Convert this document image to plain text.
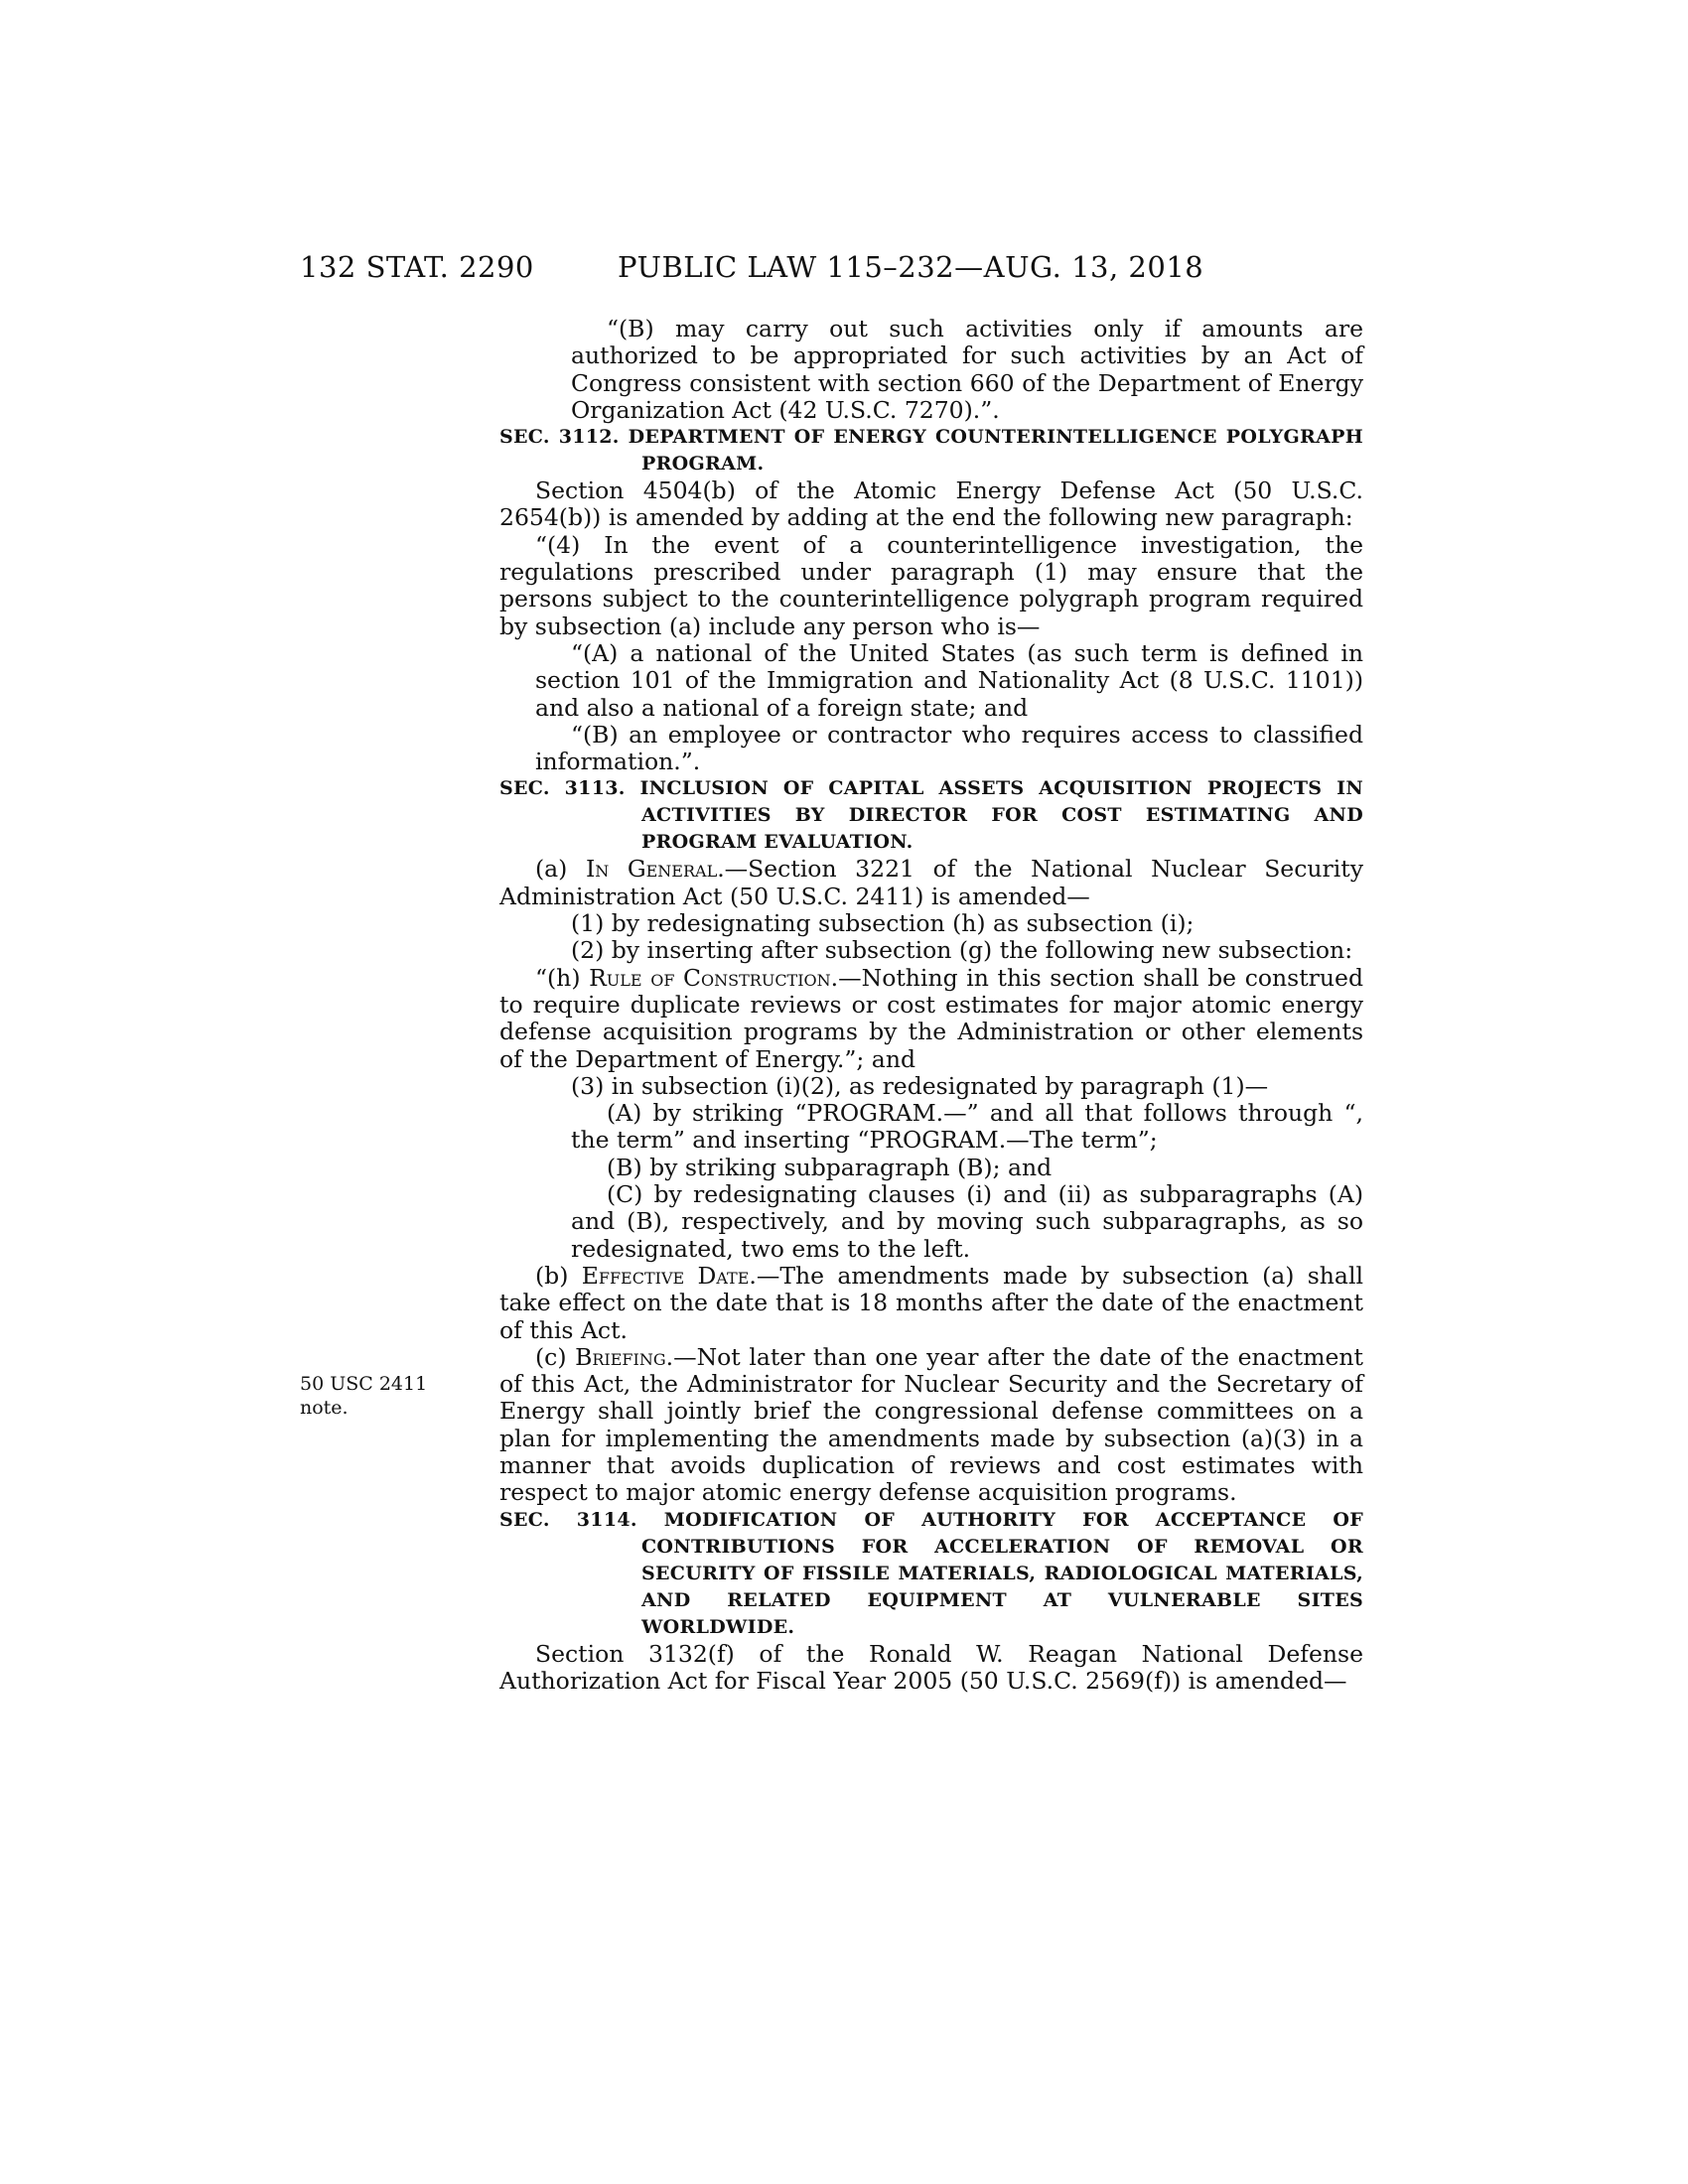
132 STAT. 2290	PUBLIC LAW 115–232—AUG. 13, 2018
50 USC 2411
note.

“(B) may carry out such activities only if amounts are authorized to be appropriated for such activities by an Act of Congress consistent with section 660 of the Department of Energy Organization Act (42 U.S.C. 7270).”.

SEC. 3112. DEPARTMENT OF ENERGY COUNTERINTELLIGENCE POLYGRAPH PROGRAM.

Section 4504(b) of the Atomic Energy Defense Act (50 U.S.C. 2654(b)) is amended by adding at the end the following new paragraph:

“(4) In the event of a counterintelligence investigation, the regulations prescribed under paragraph (1) may ensure that the persons subject to the counterintelligence polygraph program required by subsection (a) include any person who is—

“(A) a national of the United States (as such term is defined in section 101 of the Immigration and Nationality Act (8 U.S.C. 1101)) and also a national of a foreign state; and

“(B) an employee or contractor who requires access to classified information.”.

SEC. 3113. INCLUSION OF CAPITAL ASSETS ACQUISITION PROJECTS IN ACTIVITIES BY DIRECTOR FOR COST ESTIMATING AND PROGRAM EVALUATION.

(a) In General.—Section 3221 of the National Nuclear Security Administration Act (50 U.S.C. 2411) is amended—

(1) by redesignating subsection (h) as subsection (i);

(2) by inserting after subsection (g) the following new subsection:

“(h) Rule of Construction.—Nothing in this section shall be construed to require duplicate reviews or cost estimates for major atomic energy defense acquisition programs by the Administration or other elements of the Department of Energy.”; and

(3) in subsection (i)(2), as redesignated by paragraph (1)—

(A) by striking “PROGRAM.—” and all that follows through “, the term” and inserting “PROGRAM.—The term”;

(B) by striking subparagraph (B); and

(C) by redesignating clauses (i) and (ii) as subparagraphs (A) and (B), respectively, and by moving such subparagraphs, as so redesignated, two ems to the left.

(b) Effective Date.—The amendments made by subsection (a) shall take effect on the date that is 18 months after the date of the enactment of this Act.

(c) Briefing.—Not later than one year after the date of the enactment of this Act, the Administrator for Nuclear Security and the Secretary of Energy shall jointly brief the congressional defense committees on a plan for implementing the amendments made by subsection (a)(3) in a manner that avoids duplication of reviews and cost estimates with respect to major atomic energy defense acquisition programs.

SEC. 3114. MODIFICATION OF AUTHORITY FOR ACCEPTANCE OF CONTRIBUTIONS FOR ACCELERATION OF REMOVAL OR SECURITY OF FISSILE MATERIALS, RADIOLOGICAL MATERIALS, AND RELATED EQUIPMENT AT VULNERABLE SITES WORLDWIDE.

Section 3132(f) of the Ronald W. Reagan National Defense Authorization Act for Fiscal Year 2005 (50 U.S.C. 2569(f)) is amended—
